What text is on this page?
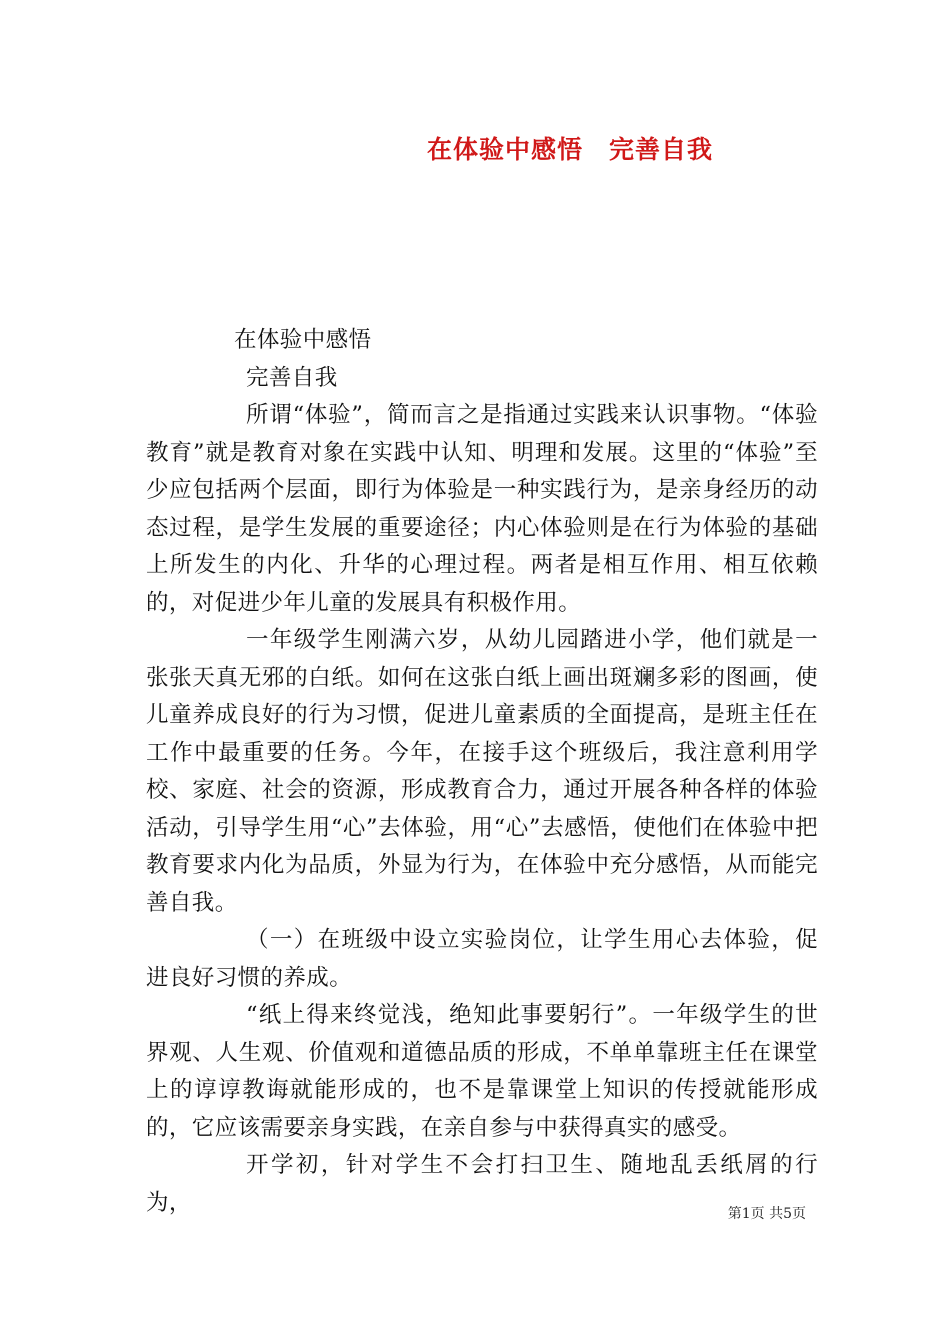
在体验中感悟　完善自我

在体验中感悟

完善自我

所谓“体验”，简而言之是指通过实践来认识事物。“体验教育”就是教育对象在实践中认知、明理和发展。这里的“体验”至少应包括两个层面，即行为体验是一种实践行为，是亲身经历的动态过程，是学生发展的重要途径；内心体验则是在行为体验的基础上所发生的内化、升华的心理过程。两者是相互作用、相互依赖的，对促进少年儿童的发展具有积极作用。

一年级学生刚满六岁，从幼儿园踏进小学，他们就是一张张天真无邪的白纸。如何在这张白纸上画出斑斓多彩的图画，使儿童养成良好的行为习惯，促进儿童素质的全面提高，是班主任在工作中最重要的任务。今年，在接手这个班级后，我注意利用学校、家庭、社会的资源，形成教育合力，通过开展各种各样的体验活动，引导学生用“心”去体验，用“心”去感悟，使他们在体验中把教育要求内化为品质，外显为行为，在体验中充分感悟，从而能完善自我。

（一）在班级中设立实验岗位，让学生用心去体验，促进良好习惯的养成。

“纸上得来终觉浅，绝知此事要躬行”。一年级学生的世界观、人生观、价值观和道德品质的形成，不单单靠班主任在课堂上的谆谆教诲就能形成的，也不是靠课堂上知识的传授就能形成的，它应该需要亲身实践，在亲自参与中获得真实的感受。

开学初，针对学生不会打扫卫生、随地乱丢纸屑的行为，	第1页 共5页
